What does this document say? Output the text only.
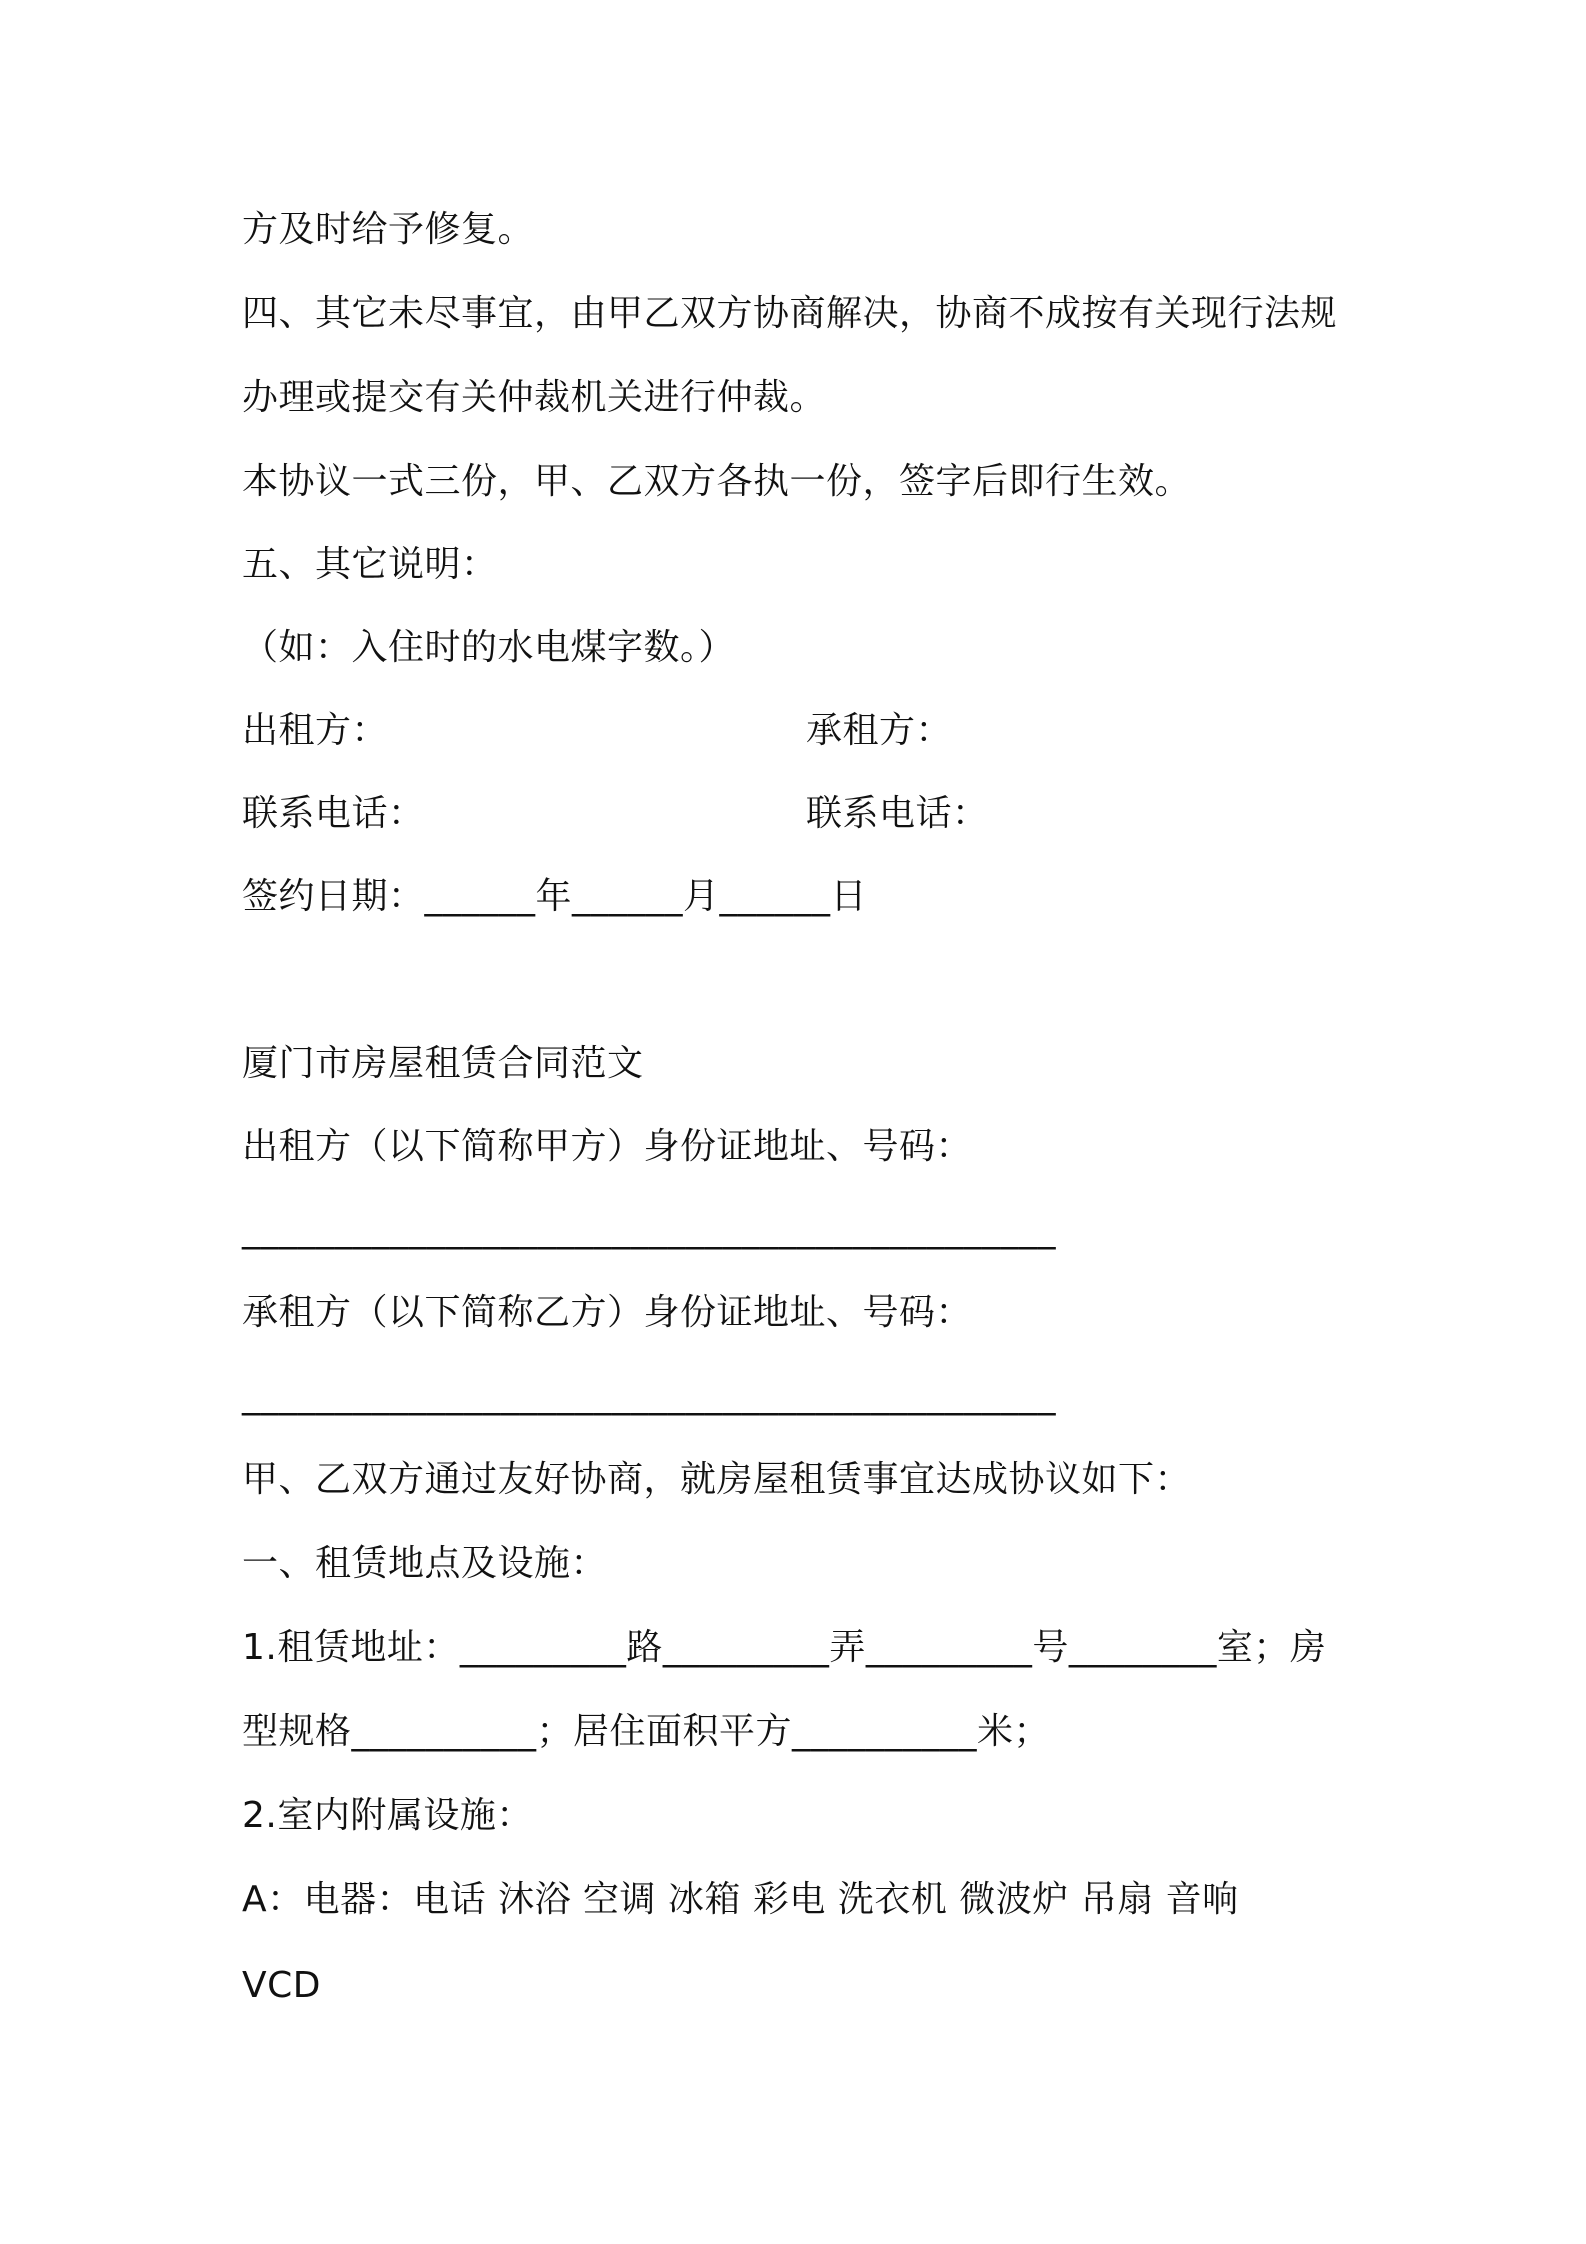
方及时给予修复。
四、其它未尽事宜，由甲乙双方协商解决，协商不成按有关现行法规
办理或提交有关仲裁机关进行仲裁。
本协议一式三份，甲、乙双方各执一份，签字后即行生效。
五、其它说明：
（如：入住时的水电煤字数。）
出租方：	承租方：
联系电话：	联系电话：
签约日期：______年______月______日
厦门市房屋租赁合同范文
出租方（以下简称甲方）身份证地址、号码：
____________________________________________
承租方（以下简称乙方）身份证地址、号码：
____________________________________________
甲、乙双方通过友好协商，就房屋租赁事宜达成协议如下：
一、租赁地点及设施：
1.租赁地址：_________路_________弄_________号________室；房
型规格__________；居住面积平方__________米；
2.室内附属设施：
A：电器：电话 沐浴 空调 冰箱 彩电 洗衣机 微波炉 吊扇 音响
VCD
